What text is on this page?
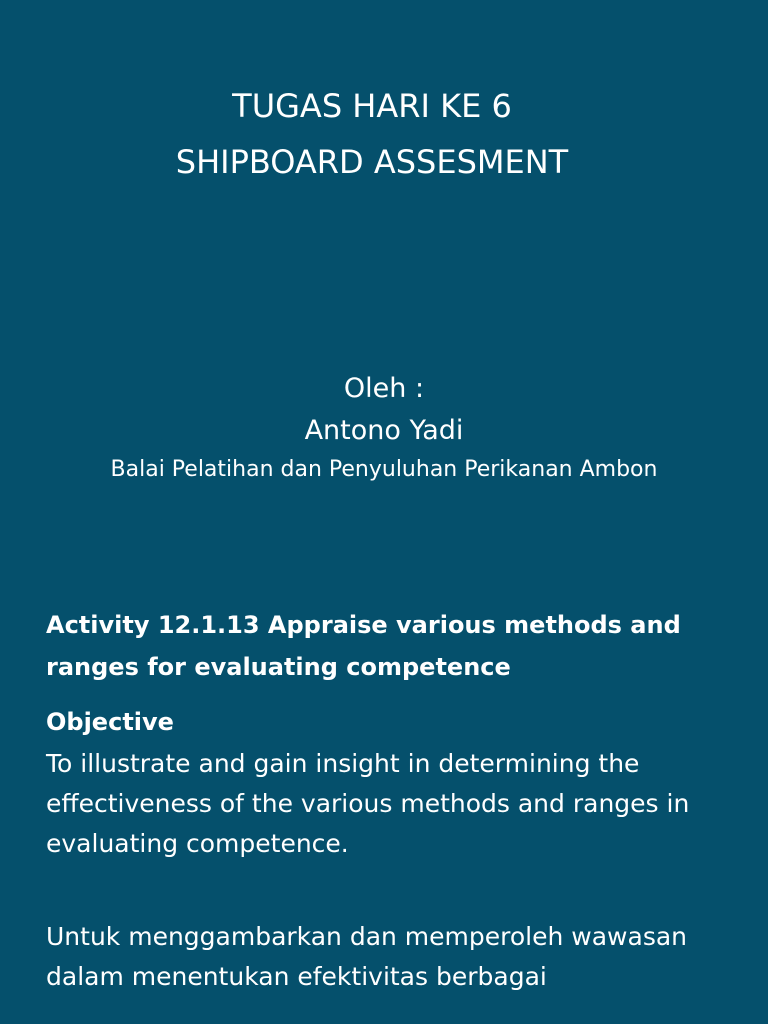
TUGAS HARI KE 6
SHIPBOARD ASSESMENT
Oleh :
Antono Yadi
Balai Pelatihan dan Penyuluhan Perikanan Ambon

Activity 12.1.13 Appraise various methods and ranges for evaluating competence

Objective

To illustrate and gain insight in determining the effectiveness of the various methods and ranges in evaluating competence.

Untuk menggambarkan dan memperoleh wawasan dalam menentukan efektivitas berbagai
